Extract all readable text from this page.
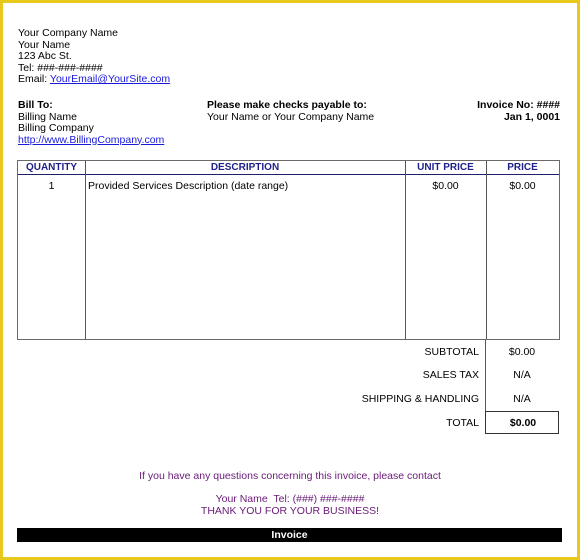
Your Company Name
Your Name
123 Abc St.
Tel: ###-###-####
Email: YourEmail@YourSite.com
Bill To:
Billing Name
Billing Company
http://www.BillingCompany.com
Please make checks payable to:
Your Name or Your Company Name
Invoice No: ####
Jan 1, 0001
QUANTITY	DESCRIPTION	UNIT PRICE	PRICE
1	Provided Services Description (date range)	$0.00	$0.00
SUBTOTAL	$0.00
SALES TAX	N/A
SHIPPING & HANDLING	N/A
TOTAL	$0.00
If you have any questions concerning this invoice, please contact
Your Name  Tel: (###) ###-####
THANK YOU FOR YOUR BUSINESS!
Invoice
